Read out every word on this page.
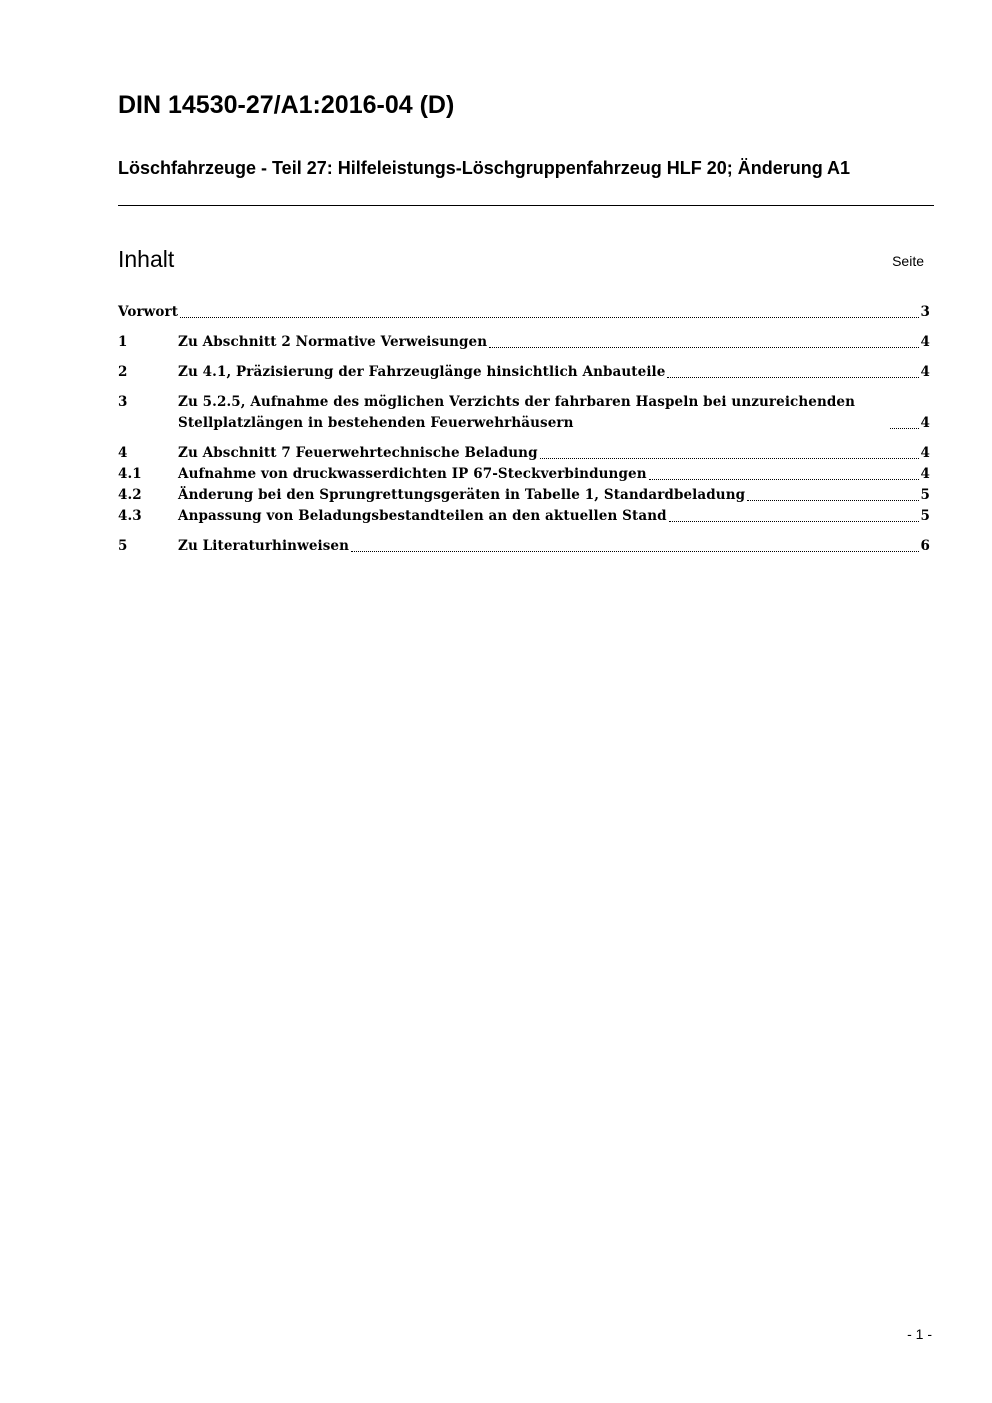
DIN 14530-27/A1:2016-04 (D)
Löschfahrzeuge - Teil 27: Hilfeleistungs-Löschgruppenfahrzeug HLF 20; Änderung A1
Inhalt	Seite
Vorwort	3
1	Zu Abschnitt 2 Normative Verweisungen	4
2	Zu 4.1, Präzisierung der Fahrzeuglänge hinsichtlich Anbauteile	4
3	Zu 5.2.5, Aufnahme des möglichen Verzichts der fahrbaren Haspeln bei unzureichenden Stellplatzlängen in bestehenden Feuerwehrhäusern	4
4	Zu Abschnitt 7 Feuerwehrtechnische Beladung	4
4.1	Aufnahme von druckwasserdichten IP 67-Steckverbindungen	4
4.2	Änderung bei den Sprungrettungsgeräten in Tabelle 1, Standardbeladung	5
4.3	Anpassung von Beladungsbestandteilen an den aktuellen Stand	5
5	Zu Literaturhinweisen	6
- 1 -
